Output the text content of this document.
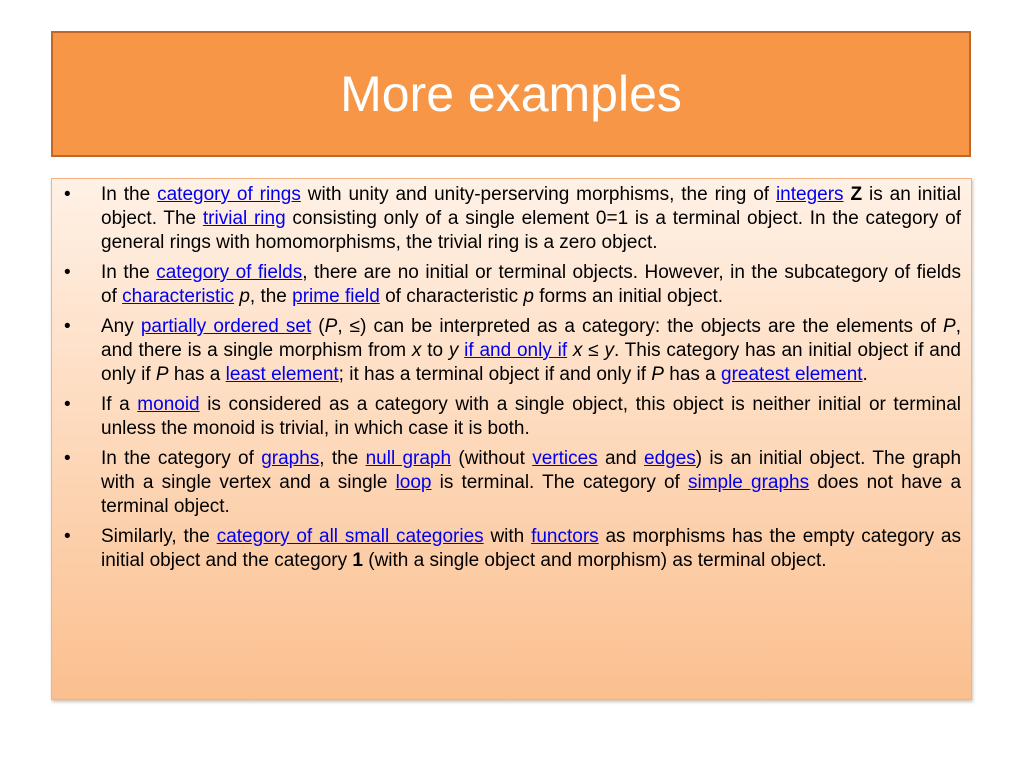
More examples
•	In the category of rings with unity and unity-perserving morphisms, the ring of integers Z is an initial object. The trivial ring consisting only of a single element 0=1 is a terminal object. In the category of general rings with homomorphisms, the trivial ring is a zero object.
•	In the category of fields, there are no initial or terminal objects. However, in the subcategory of fields of characteristic p, the prime field of characteristic p forms an initial object.
•	Any partially ordered set (P, ≤) can be interpreted as a category: the objects are the elements of P, and there is a single morphism from x to y if and only if x ≤ y. This category has an initial object if and only if P has a least element; it has a terminal object if and only if P has a greatest element.
•	If a monoid is considered as a category with a single object, this object is neither initial or terminal unless the monoid is trivial, in which case it is both.
•	In the category of graphs, the null graph (without vertices and edges) is an initial object. The graph with a single vertex and a single loop is terminal. The category of simple graphs does not have a terminal object.
•	Similarly, the category of all small categories with functors as morphisms has the empty category as initial object and the category 1 (with a single object and morphism) as terminal object.
